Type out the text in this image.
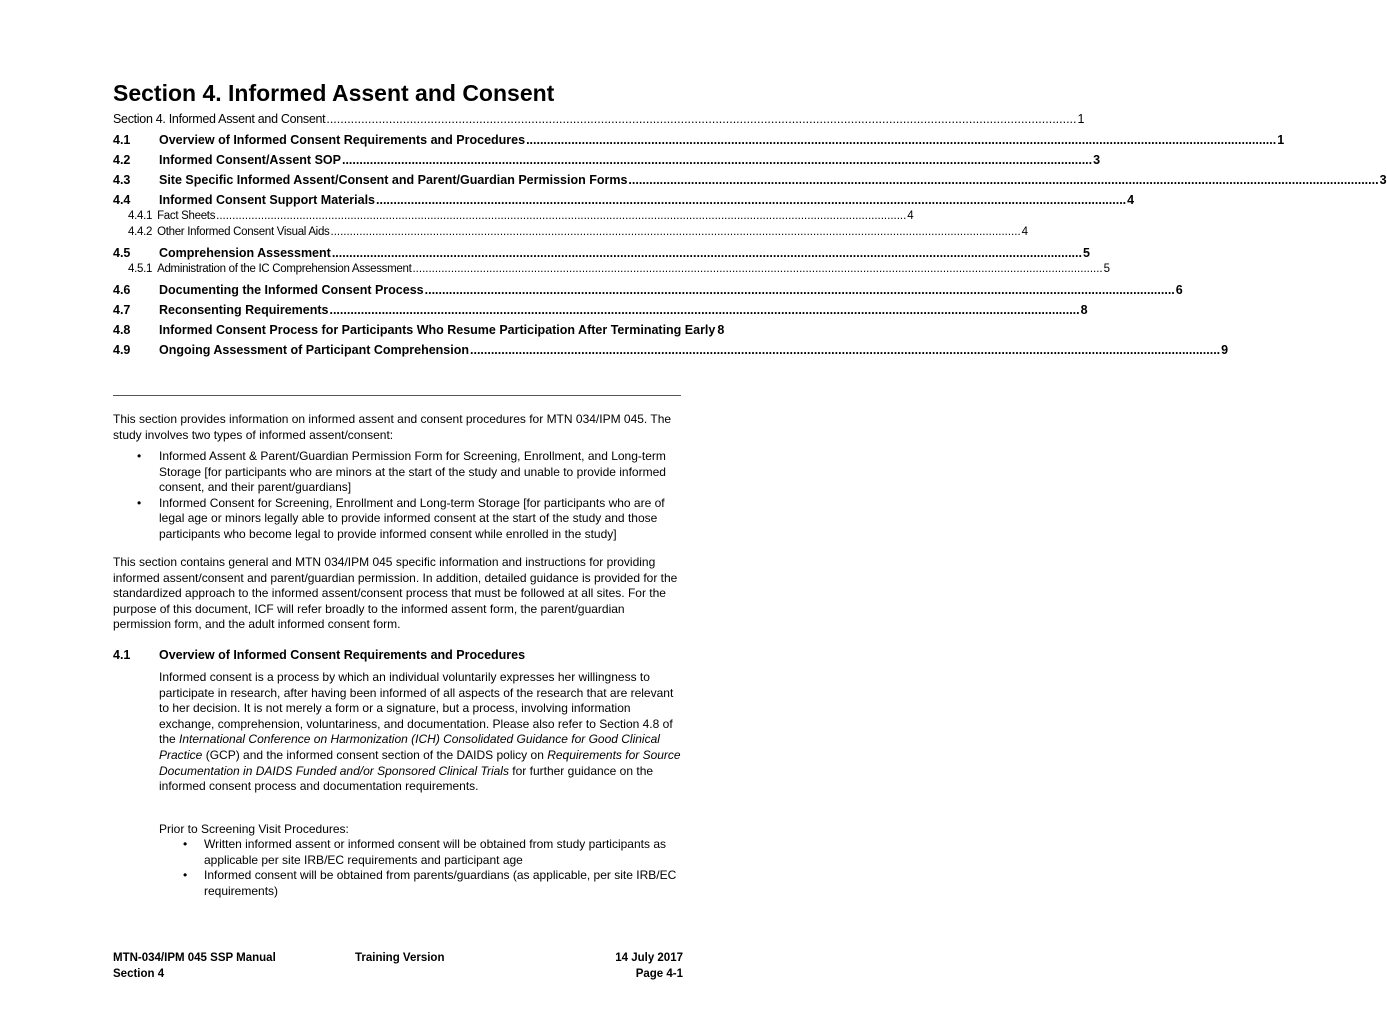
Section 4. Informed Assent and Consent
Section 4. Informed Assent and Consent .....	1
4.1	Overview of Informed Consent Requirements and Procedures .....	1
4.2	Informed Consent/Assent SOP .....	3
4.3	Site Specific Informed Assent/Consent and Parent/Guardian Permission Forms .....	3
4.4	Informed Consent Support Materials .....	4
4.4.1 Fact Sheets .....	4
4.4.2 Other Informed Consent Visual Aids .....	4
4.5	Comprehension Assessment .....	5
4.5.1 Administration of the IC Comprehension Assessment .....	5
4.6	Documenting the Informed Consent Process .....	6
4.7	Reconsenting Requirements .....	8
4.8	Informed Consent Process for Participants Who Resume Participation After Terminating Early 8
4.9	Ongoing Assessment of Participant Comprehension .....	9
This section provides information on informed assent and consent procedures for MTN 034/IPM 045. The study involves two types of informed assent/consent:
• Informed Assent & Parent/Guardian Permission Form for Screening, Enrollment, and Long-term Storage [for participants who are minors at the start of the study and unable to provide informed consent, and their parent/guardians]
• Informed Consent for Screening, Enrollment and Long-term Storage [for participants who are of legal age or minors legally able to provide informed consent at the start of the study and those participants who become legal to provide informed consent while enrolled in the study]
This section contains general and MTN 034/IPM 045 specific information and instructions for providing informed assent/consent and parent/guardian permission. In addition, detailed guidance is provided for the standardized approach to the informed assent/consent process that must be followed at all sites. For the purpose of this document, ICF will refer broadly to the informed assent form, the parent/guardian permission form, and the adult informed consent form.
4.1 Overview of Informed Consent Requirements and Procedures
Informed consent is a process by which an individual voluntarily expresses her willingness to participate in research, after having been informed of all aspects of the research that are relevant to her decision. It is not merely a form or a signature, but a process, involving information exchange, comprehension, voluntariness, and documentation. Please also refer to Section 4.8 of the International Conference on Harmonization (ICH) Consolidated Guidance for Good Clinical Practice (GCP) and the informed consent section of the DAIDS policy on Requirements for Source Documentation in DAIDS Funded and/or Sponsored Clinical Trials for further guidance on the informed consent process and documentation requirements.
Prior to Screening Visit Procedures:
• Written informed assent or informed consent will be obtained from study participants as applicable per site IRB/EC requirements and participant age
• Informed consent will be obtained from parents/guardians (as applicable, per site IRB/EC requirements)
MTN-034/IPM 045 SSP Manual
Section 4
Training Version	14 July 2017
Page 4-1
